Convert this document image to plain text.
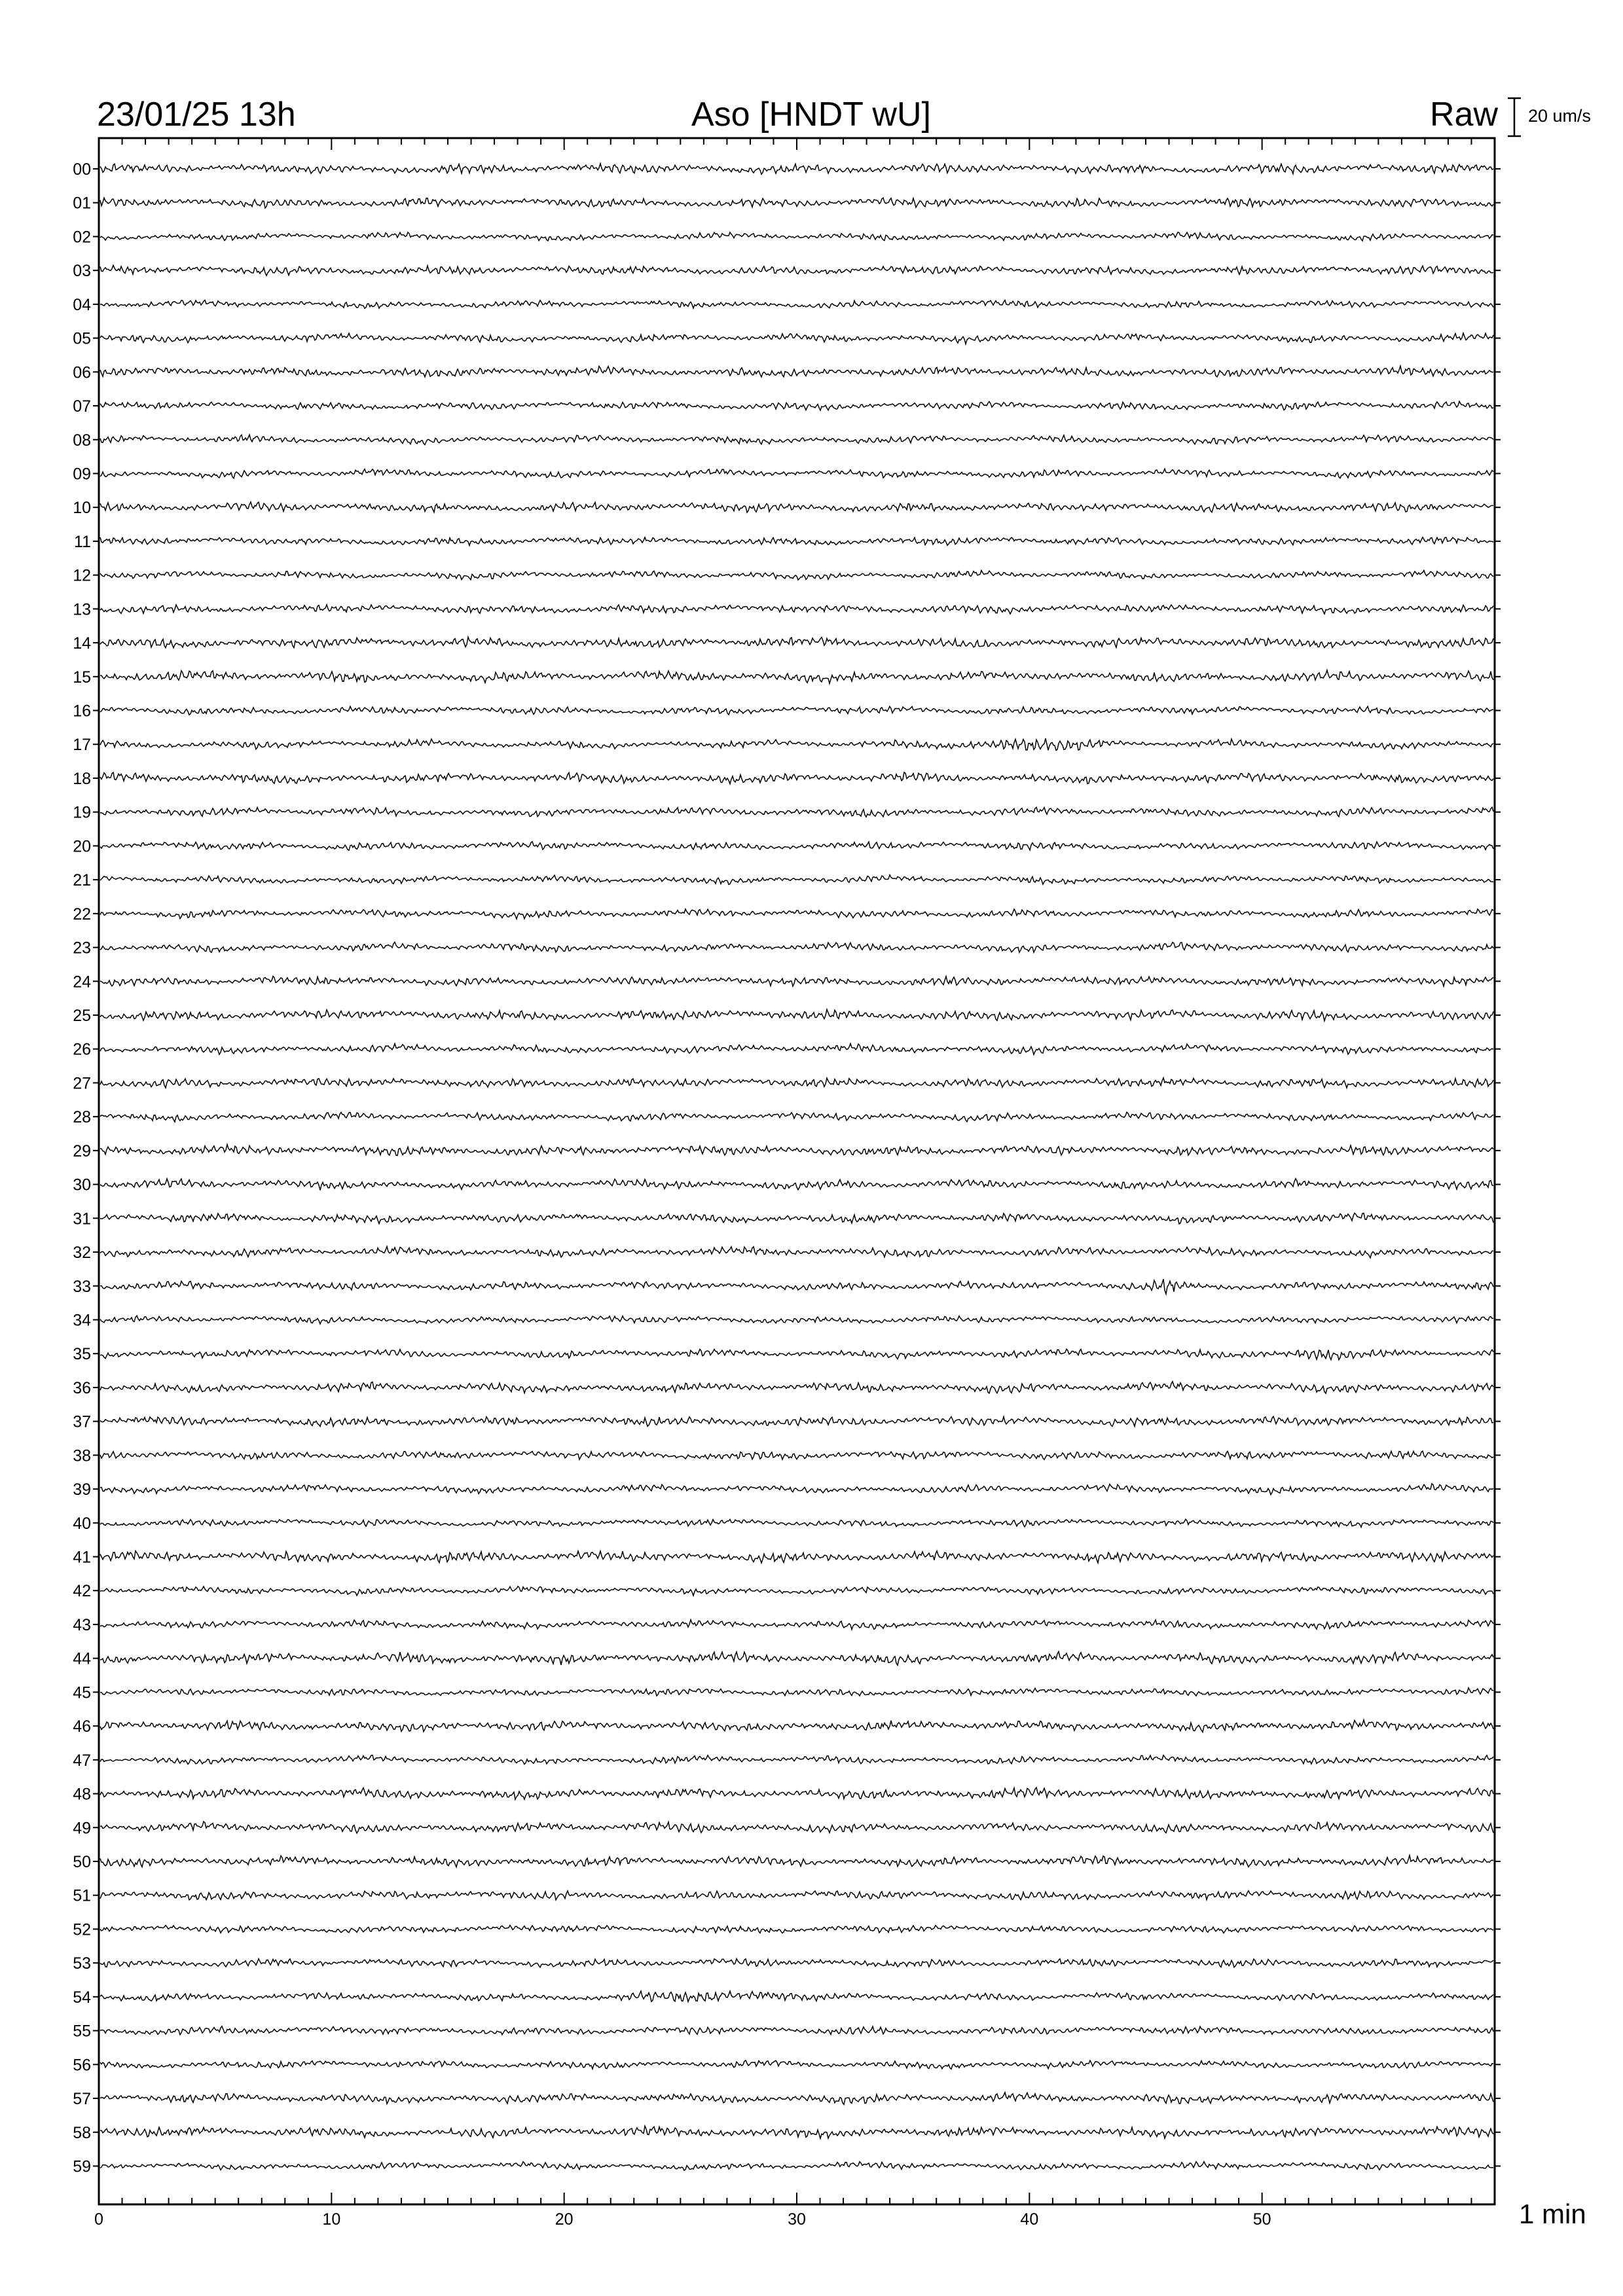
23/01/25 13h	Aso [HNDT wU]	Raw 20 um/s
00
01
02
03
04
05
06
07
08
09
10
11
12
13
14
15
16
17
18
19
20
21
22
23
24
25
26
27
28
29
30
31
32
33
34
35
36
37
38
39
40
41
42
43
44
45
46
47
48
49
50
51
52
53
54
55
56
57
58
59
0	10	20	30	40	50	1 min
